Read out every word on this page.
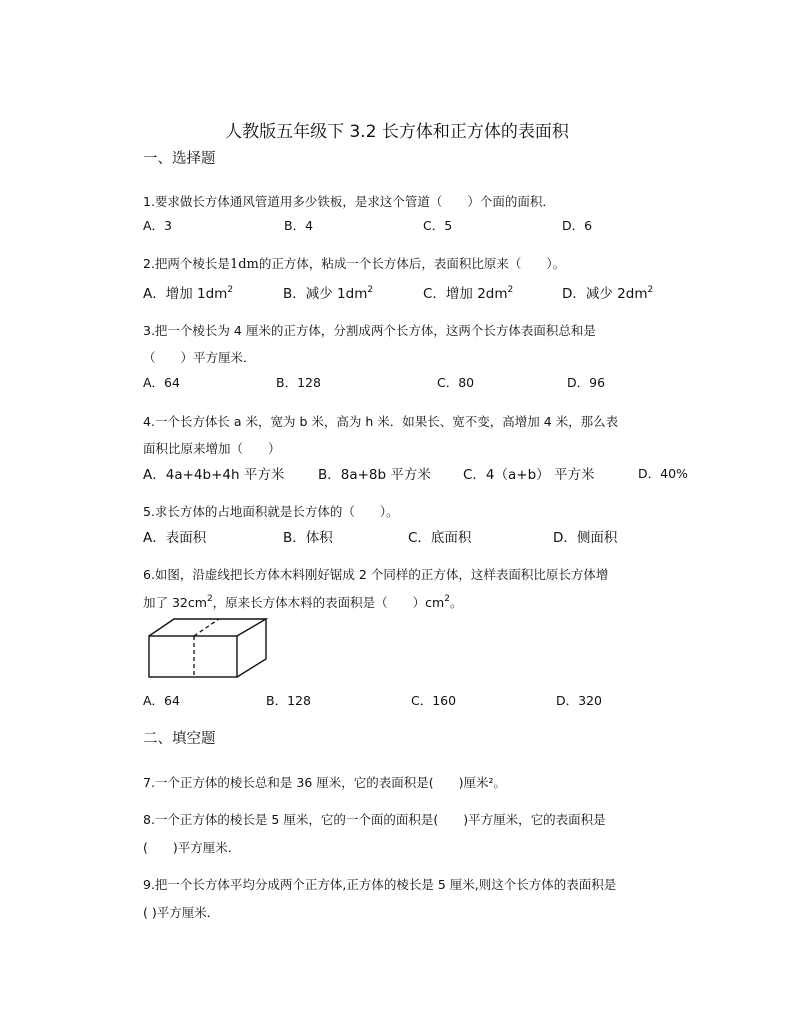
人教版五年级下 3.2 长方体和正方体的表面积
一、选择题
1.要求做长方体通风管道用多少铁板，是求这个管道（　　）个面的面积．
A．3	B．4	C．5	D．6
2.把两个棱长是1dm的正方体，粘成一个长方体后，表面积比原来（　　）。
A．增加 $1dm^2$	B．减少 $1dm^2$	C．增加 $2dm^2$	D．减少 $2dm^2$
3.把一个棱长为 4 厘米的正方体，分割成两个长方体，这两个长方体表面积总和是
（　　）平方厘米．
A．64	B．128	C．80	D．96
4.一个长方体长 a 米，宽为 b 米，高为 h 米．如果长、宽不变，高增加 4 米，那么表
面积比原来增加（　　）
A．4a+4b+4h 平方米 B．8a+8b 平方米 C．4（a+b） 平方米	D．40%
5.求长方体的占地面积就是长方体的（　　）。
A．表面积	B．体积	C．底面积	D．侧面积
6.如图，沿虚线把长方体木料刚好锯成 2 个同样的正方体，这样表面积比原长方体增
加了 $32cm^2$，原来长方体木料的表面积是（　　）$cm^2$。
A．64	B．128	C．160	D．320
二、填空题
7.一个正方体的棱长总和是 36 厘米，它的表面积是(　　)厘米²。
8.一个正方体的棱长是 5 厘米，它的一个面的面积是(　　)平方厘米，它的表面积是
(　　)平方厘米．
9.把一个长方体平均分成两个正方体,正方体的棱长是 5 厘米,则这个长方体的表面积是
( )平方厘米．
